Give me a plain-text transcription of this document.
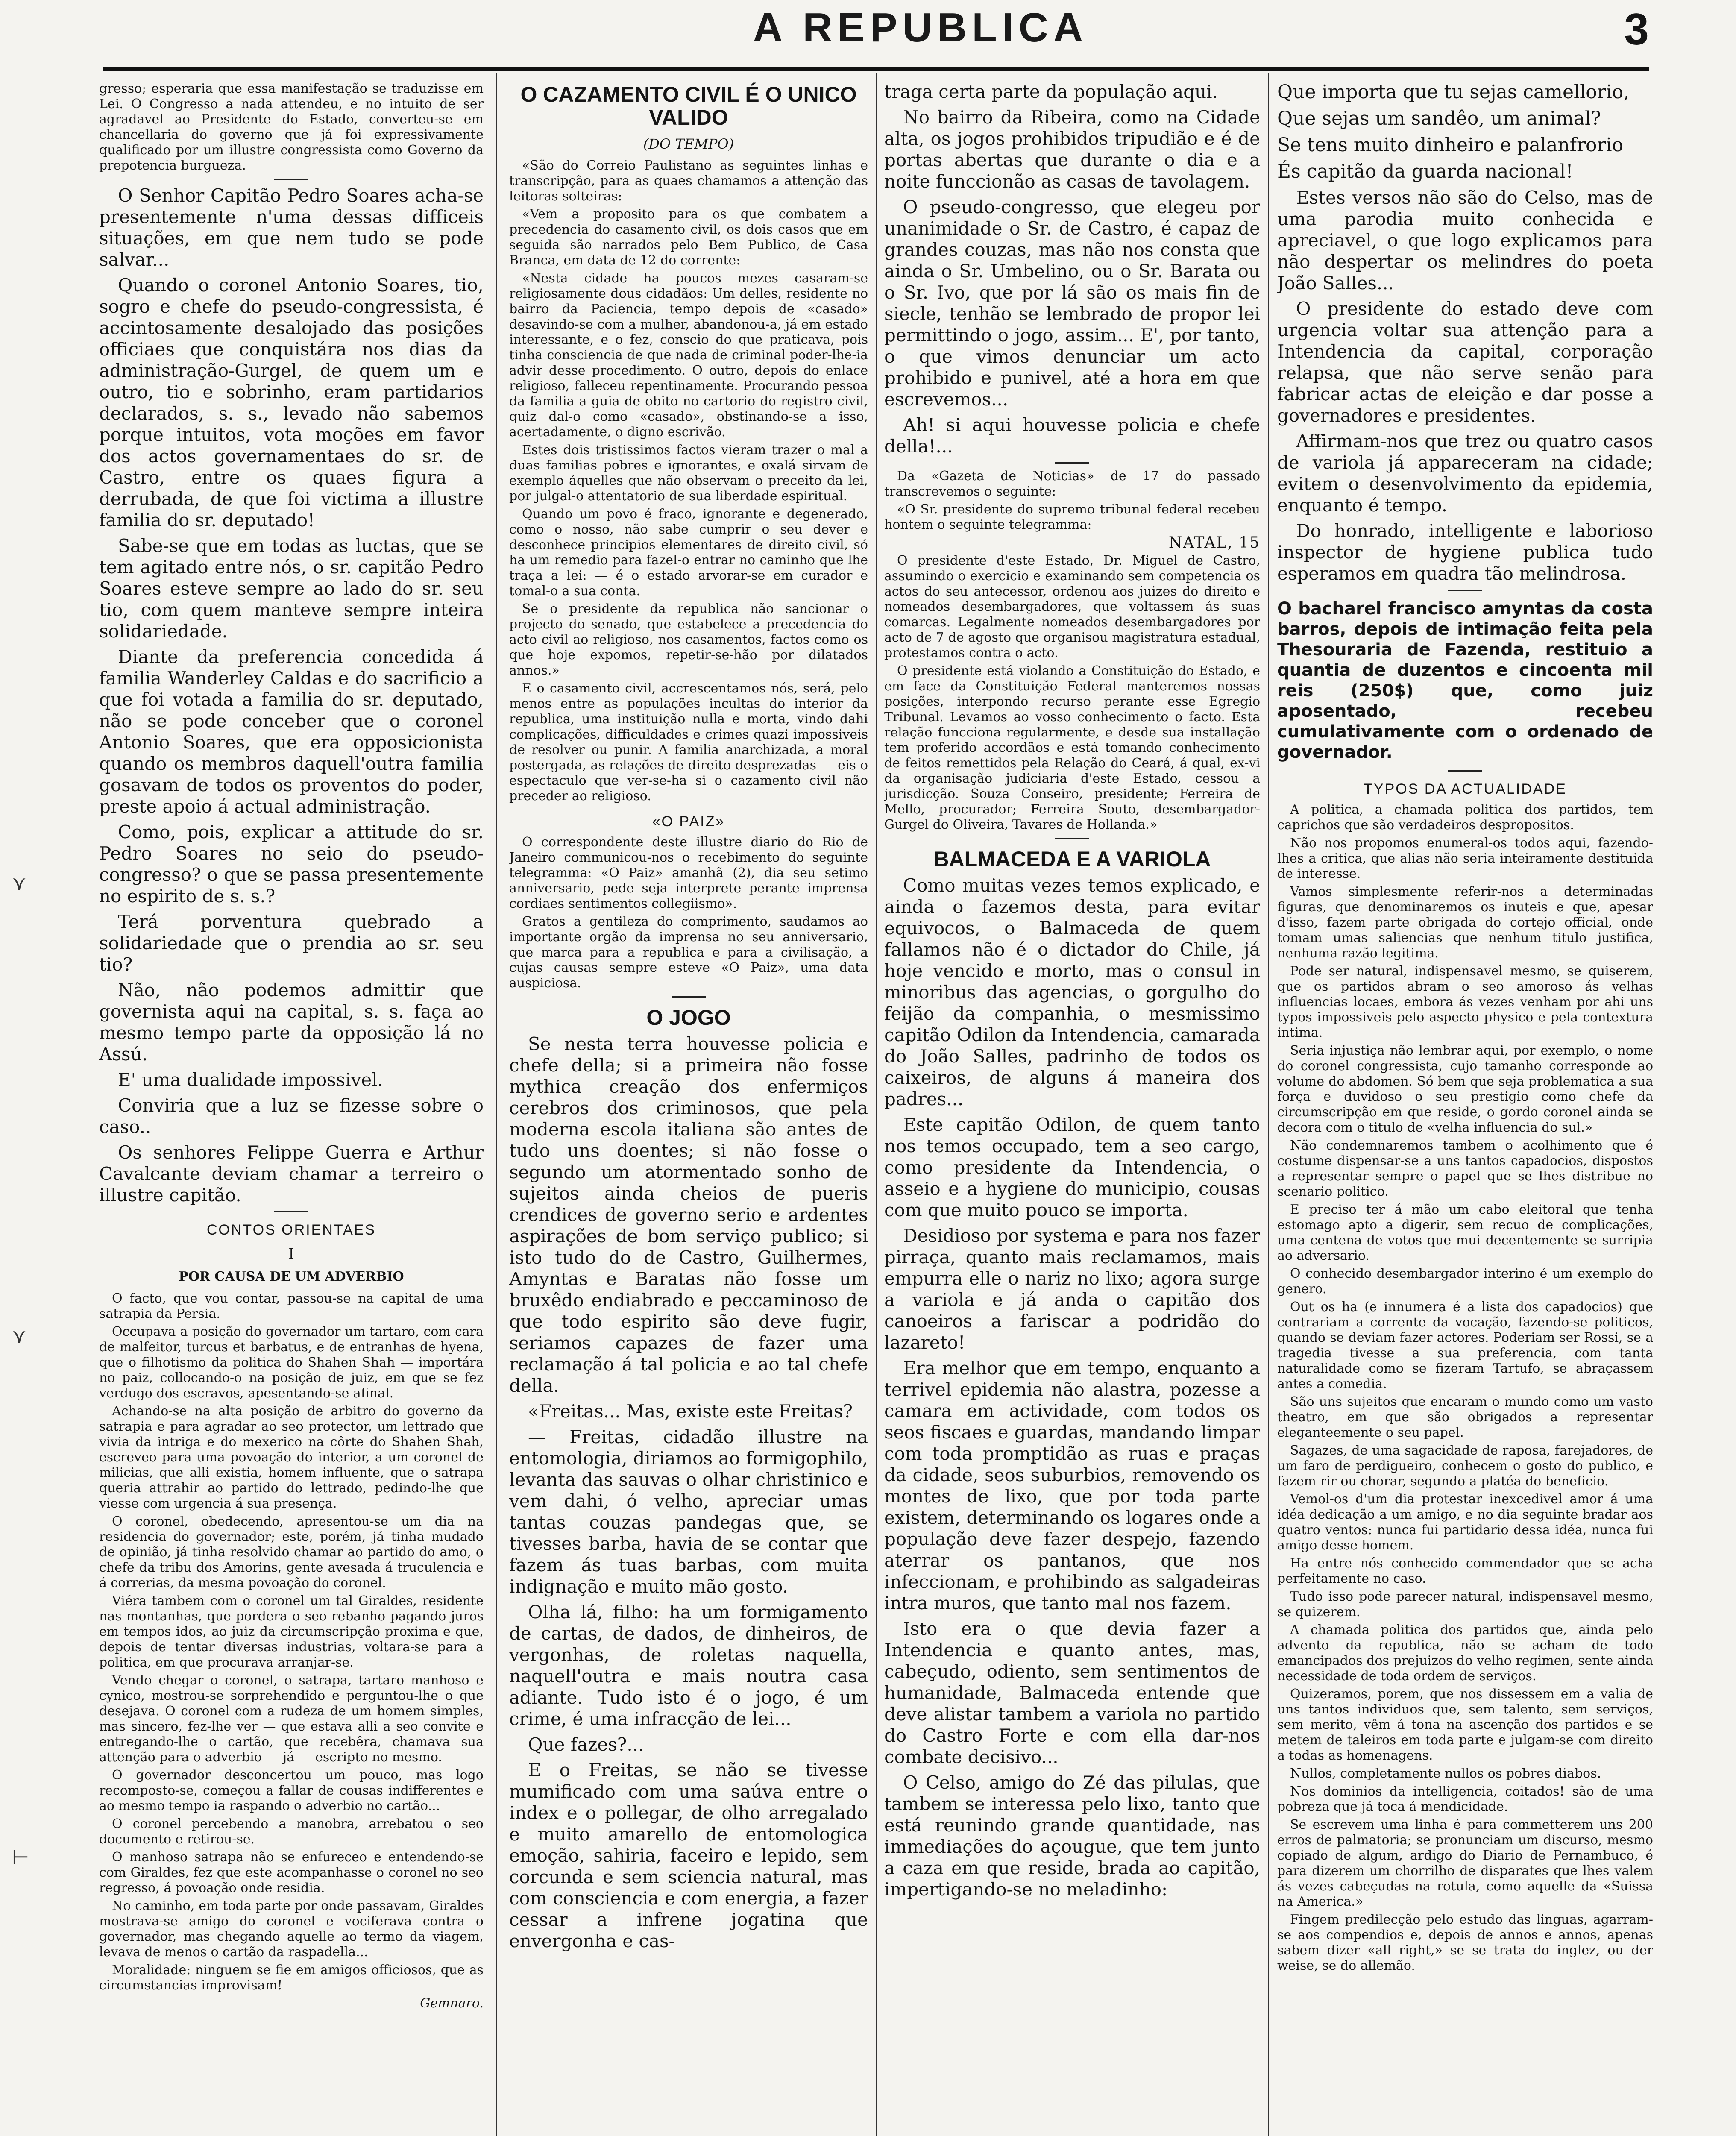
A REPUBLICA	3
⋎
⋎
⊢

gresso; esperaria que essa manifestação se traduzisse em Lei. O Congresso a nada attendeu, e no intuito de ser agradavel ao Presidente do Estado, converteu-se em chancellaria do governo que já foi expressivamente qualificado por um illustre congressista como Governo da prepotencia burgueza.

O Senhor Capitão Pedro Soares acha-se presentemente n'uma dessas difficeis situações, em que nem tudo se pode salvar...

Quando o coronel Antonio Soares, tio, sogro e chefe do pseudo-congressista, é accintosamente desalojado das posições officiaes que conquistára nos dias da administração-Gurgel, de quem um e outro, tio e sobrinho, eram partidarios declarados, s. s., levado não sabemos porque intuitos, vota moções em favor dos actos governamentaes do sr. de Castro, entre os quaes figura a derrubada, de que foi victima a illustre familia do sr. deputado!

Sabe-se que em todas as luctas, que se tem agitado entre nós, o sr. capitão Pedro Soares esteve sempre ao lado do sr. seu tio, com quem manteve sempre inteira solidariedade.

Diante da preferencia concedida á familia Wanderley Caldas e do sacrificio a que foi votada a familia do sr. deputado, não se pode conceber que o coronel Antonio Soares, que era opposicionista quando os membros daquell'outra familia gosavam de todos os proventos do poder, preste apoio á actual administração.

Como, pois, explicar a attitude do sr. Pedro Soares no seio do pseudo-congresso? o que se passa presentemente no espirito de s. s.?

Terá porventura quebrado a solidariedade que o prendia ao sr. seu tio?

Não, não podemos admittir que governista aqui na capital, s. s. faça ao mesmo tempo parte da opposição lá no Assú.

E' uma dualidade impossivel.

Conviria que a luz se fizesse sobre o caso..

Os senhores Felippe Guerra e Arthur Cavalcante deviam chamar a terreiro o illustre capitão.

CONTOS ORIENTAES
I
POR CAUSA DE UM ADVERBIO

O facto, que vou contar, passou-se na capital de uma satrapia da Persia.

Occupava a posição do governador um tartaro, com cara de malfeitor, turcus et barbatus, e de entranhas de hyena, que o filhotismo da politica do Shahen Shah — importára no paiz, collocando-o na posição de juiz, em que se fez verdugo dos escravos, apesentando-se afinal.

Achando-se na alta posição de arbitro do governo da satrapia e para agradar ao seo protector, um lettrado que vivia da intriga e do mexerico na côrte do Shahen Shah, escreveo para uma povoação do interior, a um coronel de milicias, que alli existia, homem influente, que o satrapa queria attrahir ao partido do lettrado, pedindo-lhe que viesse com urgencia á sua presença.

O coronel, obedecendo, apresentou-se um dia na residencia do governador; este, porém, já tinha mudado de opinião, já tinha resolvido chamar ao partido do amo, o chefe da tribu dos Amorins, gente avesada á truculencia e á correrias, da mesma povoação do coronel.

Viéra tambem com o coronel um tal Giraldes, residente nas montanhas, que pordera o seo rebanho pagando juros em tempos idos, ao juiz da circumscripção proxima e que, depois de tentar diversas industrias, voltara-se para a politica, em que procurava arranjar-se.

Vendo chegar o coronel, o satrapa, tartaro manhoso e cynico, mostrou-se sorprehendido e perguntou-lhe o que desejava. O coronel com a rudeza de um homem simples, mas sincero, fez-lhe ver — que estava alli a seo convite e entregando-lhe o cartão, que recebêra, chamava sua attenção para o adverbio — já — escripto no mesmo.

O governador desconcertou um pouco, mas logo recomposto-se, começou a fallar de cousas indifferentes e ao mesmo tempo ia raspando o adverbio no cartão...

O coronel percebendo a manobra, arrebatou o seo documento e retirou-se.

O manhoso satrapa não se enfureceo e entendendo-se com Giraldes, fez que este acompanhasse o coronel no seo regresso, á povoação onde residia.

No caminho, em toda parte por onde passavam, Giraldes mostrava-se amigo do coronel e vociferava contra o governador, mas chegando aquelle ao termo da viagem, levava de menos o cartão da raspadella...

Moralidade: ninguem se fie em amigos officiosos, que as circumstancias improvisam!

Gemnaro.
O CAZAMENTO CIVIL É O UNICO VALIDO
(DO TEMPO)

«São do Correio Paulistano as seguintes linhas e transcripção, para as quaes chamamos a attenção das leitoras solteiras:

«Vem a proposito para os que combatem a precedencia do casamento civil, os dois casos que em seguida são narrados pelo Bem Publico, de Casa Branca, em data de 12 do corrente:

«Nesta cidade ha poucos mezes casaram-se religiosamente dous cidadãos: Um delles, residente no bairro da Paciencia, tempo depois de «casado» desavindo-se com a mulher, abandonou-a, já em estado interessante, e o fez, consciо do que praticava, pois tinha consciencia de que nada de criminal poder-lhe-ia advir desse procedimento. O outro, depois do enlace religioso, falleceu repentinamente. Procurando pessoa da familia a guia de obito no cartorio do registro civil, quiz dal-o como «casado», obstinando-se a isso, acertadamente, o digno escrivão.

Estes dois tristissimos factos vieram trazer o mal a duas familias pobres e ignorantes, e oxalá sirvam de exemplo áquelles que não observam o preceito da lei, por julgal-o attentatorio de sua liberdade espiritual.

Quando um povo é fraco, ignorante e degenerado, como o nosso, não sabe cumprir o seu dever e desconhece principios elementares de direito civil, só ha um remedio para fazel-o entrar no caminho que lhe traça a lei: — é o estado arvorar-se em curador e tomal-o a sua conta.

Se o presidente da republica não sancionar o projecto do senado, que estabelece a precedencia do acto civil ao religioso, nos casamentos, factos como os que hoje expomos, repetir-se-hão por dilatados annos.»

E o casamento civil, accrescentamos nós, será, pelo menos entre as populações incultas do interior da republica, uma instituição nulla e morta, vindo dahi complicações, difficuldades e crimes quazi impossiveis de resolver ou punir. A familia anarchizada, a moral postergada, as relações de direito desprezadas — eis o espectaculo que ver-se-ha si o cazamento civil não preceder ao religioso.

«O PAIZ»

O correspondente deste illustre diario do Rio de Janeiro communicou-nos o recebimento do seguinte telegramma: «O Paiz» amanhã (2), dia seu setimo anniversario, pede seja interprete perante imprensa cordiaes sentimentos collegiismo».

Gratos a gentileza do comprimento, saudamos ao importante orgão da imprensa no seu anniversario, que marca para a republica e para a civilisação, a cujas causas sempre esteve «O Paiz», uma data auspiciosa.

O JOGO

Se nesta terra houvesse policia e chefe della; si a primeira não fosse mythica creação dos enfermiços cerebros dos criminosos, que pela moderna escola italiana são antes de tudo uns doentes; si não fosse o segundo um atormentado sonho de sujeitos ainda cheios de pueris crendices de governo serio e ardentes aspirações de bom serviço publico; si isto tudo do de Castro, Guilhermes, Amyntas e Baratas não fosse um bruxêdo endiabrado e peccaminoso de que todo espirito são deve fugir, seriamos capazes de fazer uma reclamação á tal policia e ao tal chefe della.

«Freitas... Mas, existe este Freitas?

— Freitas, cidadão illustre na entomologia, diriamos ao formigophilo, levanta das sauvas o olhar christinico e vem dahi, ó velho, apreciar umas tantas couzas pandegas que, se tivesses barba, havia de se contar que fazem ás tuas barbas, com muita indignação e muito mão gosto.

Olha lá, filho: ha um formigamento de cartas, de dados, de dinheiros, de vergonhas, de roletas naquella, naquell'outra e mais noutra casa adiante. Tudo isto é o jogo, é um crime, é uma infracção de lei...

Que fazes?...

E o Freitas, se não se tivesse mumificado com uma saúva entre o index e o pollegar, de olho arregalado e muito amarello de entomologica emoção, sahiria, faceiro e lepido, sem corcunda e sem sciencia natural, mas com consciencia e com energia, a fazer cessar a infrene jogatina que envergonha e cas-

traga certa parte da população aqui.

No bairro da Ribeira, como na Cidade alta, os jogos prohibidos tripudião e é de portas abertas que durante o dia e a noite funccionão as casas de tavolagem.

O pseudo-congresso, que elegeu por unanimidade o Sr. de Castro, é capaz de grandes couzas, mas não nos consta que ainda o Sr. Umbelino, ou o Sr. Barata ou o Sr. Ivo, que por lá são os mais fin de siecle, tenhão se lembrado de propor lei permittindo o jogo, assim... E', por tanto, o que vimos denunciar um acto prohibido e punivel, até a hora em que escrevemos...

Ah! si aqui houvesse policia e chefe della!...

Da «Gazeta de Noticias» de 17 do passado transcrevemos o seguinte:

«O Sr. presidente do supremo tribunal federal recebeu hontem o seguinte telegramma:

NATAL, 15

O presidente d'este Estado, Dr. Miguel de Castro, assumindo o exercicio e examinando sem competencia os actos do seu antecessor, ordenou aos juizes do direito e nomeados desembargadores, que voltassem ás suas comarcas. Legalmente nomeados desembargadores por acto de 7 de agosto que organisou magistratura estadual, protestamos contra o acto.

O presidente está violando a Constituição do Estado, e em face da Constituição Federal manteremos nossas posições, interpondo recurso perante esse Egregio Tribunal. Levamos ao vosso conhecimento o facto. Esta relação funcciona regularmente, e desde sua installação tem proferido accordãos e está tomando conhecimento de feitos remettidos pela Relação do Ceará, á qual, ex-vi da organisação judiciaria d'este Estado, cessou a jurisdicção. Souza Conseiro, presidente; Ferreira de Mello, procurador; Ferreira Souto, desembargador-Gurgel do Oliveira, Tavares de Hollanda.»

BALMACEDA E A VARIOLA

Como muitas vezes temos explicado, e ainda o fazemos desta, para evitar equivocos, o Balmaceda de quem fallamos não é o dictador do Chile, já hoje vencido e morto, mas o consul in minoribus das agencias, o gorgulho do feijão da companhia, o mesmissimo capitão Odilon da Intendencia, camarada do João Salles, padrinho de todos os caixeiros, de alguns á maneira dos padres...

Este capitão Odilon, de quem tanto nos temos occupado, tem a seo cargo, como presidente da Intendencia, o asseio e a hygiene do municipio, cousas com que muito pouco se importa.

Desidioso por systema e para nos fazer pirraça, quanto mais reclamamos, mais empurra elle o nariz no lixo; agora surge a variola e já anda o capitão dos canoeiros a fariscar a podridão do lazareto!

Era melhor que em tempo, enquanto a terrivel epidemia não alastra, pozesse a camara em actividade, com todos os seos fiscaes e guardas, mandando limpar com toda promptidão as ruas e praças da cidade, seos suburbios, removendo os montes de lixo, que por toda parte existem, determinando os logares onde a população deve fazer despejo, fazendo aterrar os pantanos, que nos infeccionam, e prohibindo as salgadeiras intra muros, que tanto mal nos fazem.

Isto era o que devia fazer a Intendencia e quanto antes, mas, cabeçudo, odiento, sem sentimentos de humanidade, Balmaceda entende que deve alistar tambem a variola no partido do Castro Forte e com ella dar-nos combate decisivo...

O Celso, amigo do Zé das pilulas, que tambem se interessa pelo lixo, tanto que está reunindo grande quantidade, nas immediações do açougue, que tem junto a caza em que reside, brada ao capitão, impertigando-se no meladinho:

Que importa que tu sejas camellorio,

Que sejas um sandêo, um animal?

Se tens muito dinheiro e palanfrorio

És capitão da guarda nacional!

Estes versos não são do Celso, mas de uma parodia muito conhecida e apreciavel, o que logo explicamos para não despertar os melindres do poeta João Salles...

O presidente do estado deve com urgencia voltar sua attenção para a Intendencia da capital, corporação relapsa, que não serve senão para fabricar actas de eleição e dar posse a governadores e presidentes.

Affirmam-nos que trez ou quatro casos de variola já appareceram na cidade; evitem o desenvolvimento da epidemia, enquanto é tempo.

Do honrado, intelligente e laborioso inspector de hygiene publica tudo esperamos em quadra tão melindrosa.

O bacharel francisco amyntas da costa barros, depois de intimação feita pela Thesouraria de Fazenda, restituio a quantia de duzentos e cincoenta mil reis (250$) que, como juiz aposentado, recebeu cumulativamente com o ordenado de governador.
TYPOS DA ACTUALIDADE

A politica, a chamada politica dos partidos, tem caprichos que são verdadeiros despropositos.

Não nos propomos enumeral-os todos aqui, fazendo-lhes a critica, que alias não seria inteiramente destituida de interesse.

Vamos simplesmente referir-nos a determinadas figuras, que denominaremos os inuteis e que, apesar d'isso, fazem parte obrigada do cortejo official, onde tomam umas saliencias que nenhum titulo justifica, nenhuma razão legitima.

Pode ser natural, indispensavel mesmo, se quiserem, que os partidos abram o seo amoroso ás velhas influencias locaes, embora ás vezes venham por ahi uns typos impossiveis pelo aspecto physico e pela contextura intima.

Seria injustiça não lembrar aqui, por exemplo, o nome do coronel congressista, cujo tamanho corresponde ao volume do abdomen. Só bem que seja problematica a sua força e duvidoso o seu prestigio como chefe da circumscripção em que reside, o gordo coronel ainda se decora com o titulo de «velha influencia do sul.»

Não condemnaremos tambem o acolhimento que é costume dispensar-se a uns tantos capadocios, dispostos a representar sempre o papel que se lhes distribue no scenario politico.

E preciso ter á mão um cabo eleitoral que tenha estomago apto a digerir, sem recuo de complicações, uma centena de votos que mui decentemente se surripia ao adversario.

O conhecido desembargador interino é um exemplo do genero.

Out os ha (e innumera é a lista dos capadocios) que contrariam a corrente da vocação, fazendo-se politicos, quando se deviam fazer actores. Poderiam ser Rossi, se a tragedia tivesse a sua preferencia, com tanta naturalidade como se fizeram Tartufo, se abraçassem antes a comedia.

São uns sujeitos que encaram o mundo como um vasto theatro, em que são obrigados a representar eleganteemente o seu papel.

Sagazes, de uma sagacidade de raposa, farejadores, de um faro de perdigueiro, conhecem o gosto do publico, e fazem rir ou chorar, segundo a platéa do beneficio.

Vemol-os d'um dia protestar inexcedivel amor á uma idéa dedicação a um amigo, e no dia seguinte bradar aos quatro ventos: nunca fui partidario dessa idéa, nunca fui amigo desse homem.

Ha entre nós conhecido commendador que se acha perfeitamente no caso.

Tudo isso pode parecer natural, indispensavel mesmo, se quizerem.

A chamada politica dos partidos que, ainda pelo advento da republica, não se acham de todo emancipados dos prejuizos do velho regimen, sente ainda necessidade de toda ordem de serviços.

Quizeramos, porem, que nos dissessem em a valia de uns tantos individuos que, sem talento, sem serviços, sem merito, vêm á tona na ascenção dos partidos e se metem de taleiros em toda parte e julgam-se com direito a todas as homenagens.

Nullos, completamente nullos os pobres diabos.

Nos dominios da intelligencia, coitados! são de uma pobreza que já toca á mendicidade.

Se escrevem uma linha é para commetterem uns 200 erros de palmatoria; se pronunciam um discurso, mesmo copiado de algum, ardigo do Diario de Pernambuco, é para dizerem um chorrilho de disparates que lhes valem ás vezes cabeçudas na rotula, como aquelle da «Suissa na America.»

Fingem predilecção pelo estudo das linguas, agarram-se aos compendios e, depois de annos e annos, apenas sabem dizer «all right,» se se trata do inglez, ou der weise, se do allemão.
